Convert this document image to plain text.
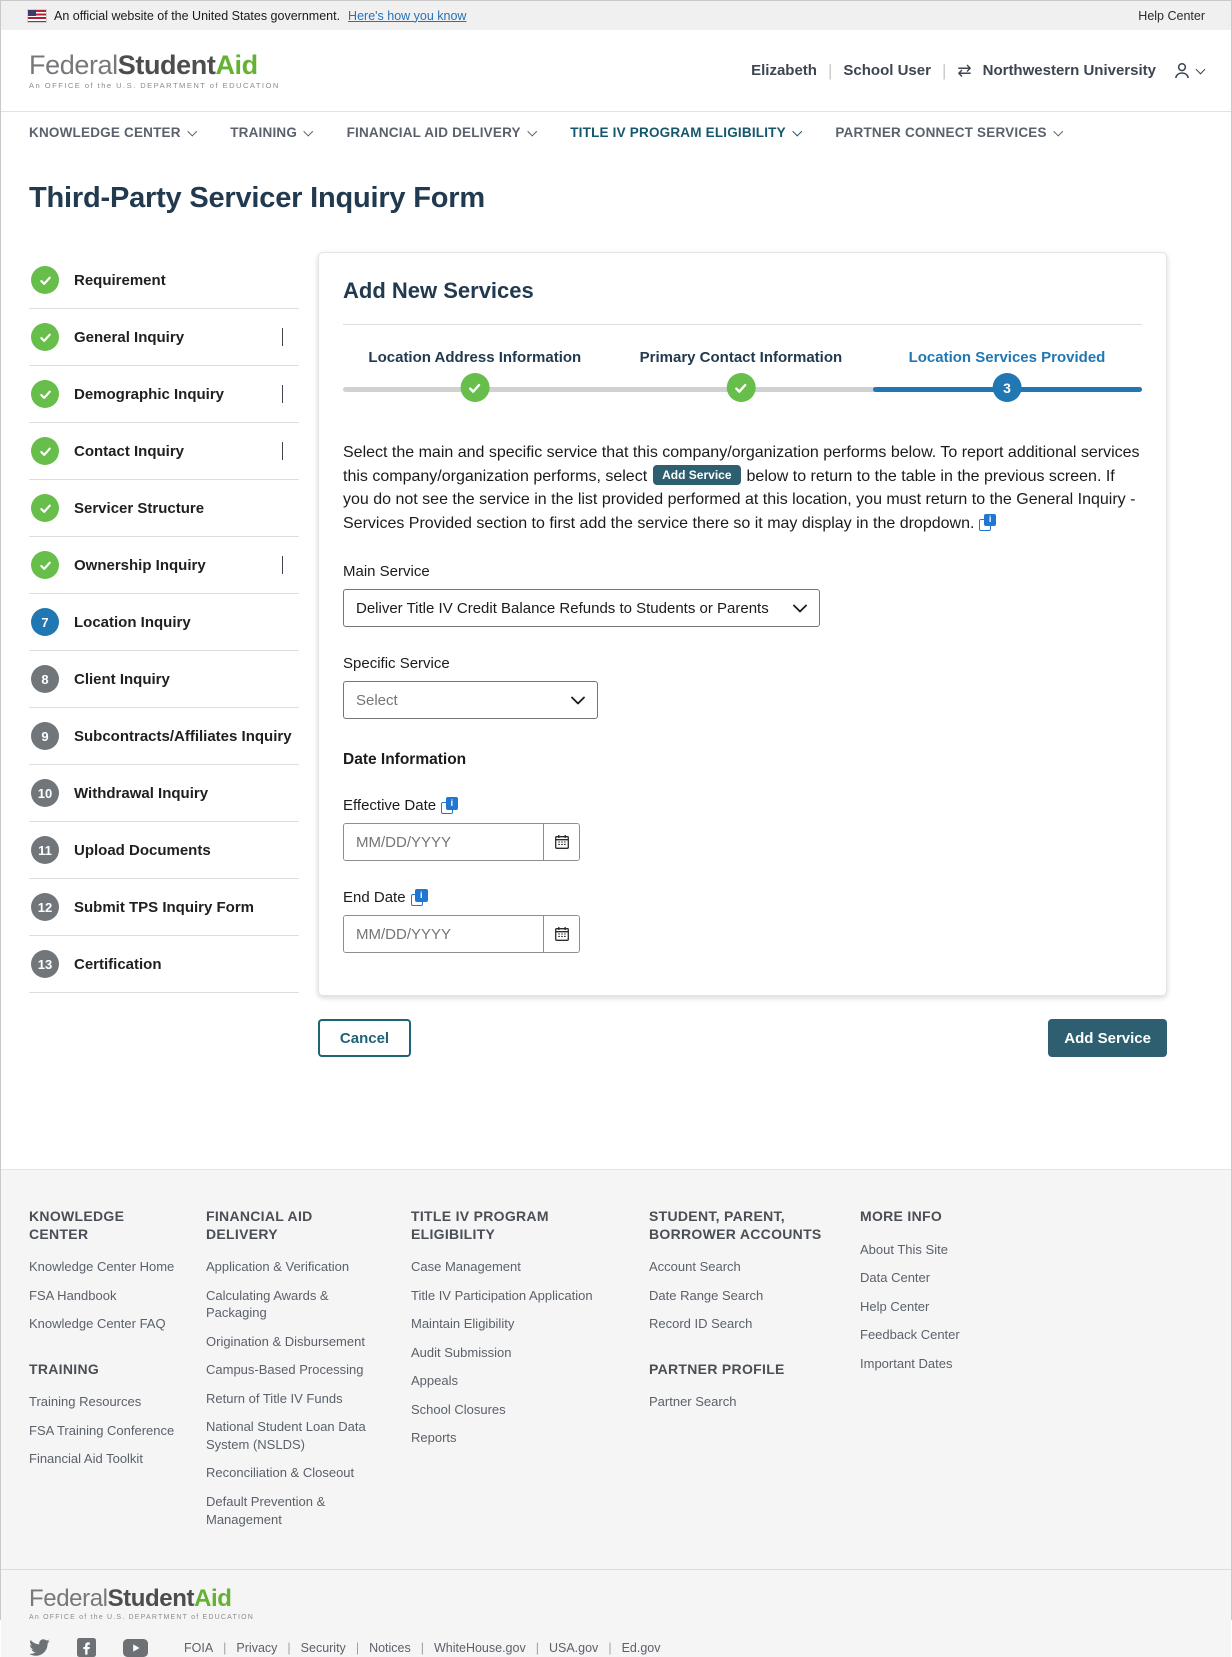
An official website of the United States government. Here's how you know	Help Center
FederalStudentAid
An OFFICE of the U.S. DEPARTMENT of EDUCATION
Elizabeth | School User | ⇄ Northwestern University
KNOWLEDGE CENTER	TRAINING	FINANCIAL AID DELIVERY	TITLE IV PROGRAM ELIGIBILITY	PARTNER CONNECT SERVICES
Third-Party Servicer Inquiry Form
Requirement
General Inquiry
Demographic Inquiry
Contact Inquiry
Servicer Structure
Ownership Inquiry
7	Location Inquiry
8	Client Inquiry
9	Subcontracts/Affiliates Inquiry
10	Withdrawal Inquiry
11	Upload Documents
12	Submit TPS Inquiry Form
13	Certification
Add New Services
Location Address Information	Primary Contact Information	Location Services Provided
3

Select the main and specific service that this company/organization performs below. To report additional services this company/organization performs, select Add Service below to return to the table in the previous screen. If you do not see the service in the list provided performed at this location, you must return to the General Inquiry - Services Provided section to first add the service there so it may display in the dropdown.	i

Main Service
Deliver Title IV Credit Balance Refunds to Students or Parents
Specific Service
Select
Date Information
Effective Date	i
MM/DD/YYYY
End Date	i
MM/DD/YYYY
Cancel	Add Service
KNOWLEDGE CENTER
Knowledge Center Home
FSA Handbook
Knowledge Center FAQ
TRAINING
Training Resources
FSA Training Conference
Financial Aid Toolkit
FINANCIAL AID DELIVERY
Application & Verification
Calculating Awards & Packaging
Origination & Disbursement
Campus-Based Processing
Return of Title IV Funds
National Student Loan Data System (NSLDS)
Reconciliation & Closeout
Default Prevention & Management
TITLE IV PROGRAM ELIGIBILITY
Case Management
Title IV Participation Application
Maintain Eligibility
Audit Submission
Appeals
School Closures
Reports
STUDENT, PARENT, BORROWER ACCOUNTS
Account Search
Date Range Search
Record ID Search
PARTNER PROFILE
Partner Search
MORE INFO
About This Site
Data Center
Help Center
Feedback Center
Important Dates
FederalStudentAid
An OFFICE of the U.S. DEPARTMENT of EDUCATION
FOIA | Privacy | Security | Notices | WhiteHouse.gov | USA.gov | Ed.gov
